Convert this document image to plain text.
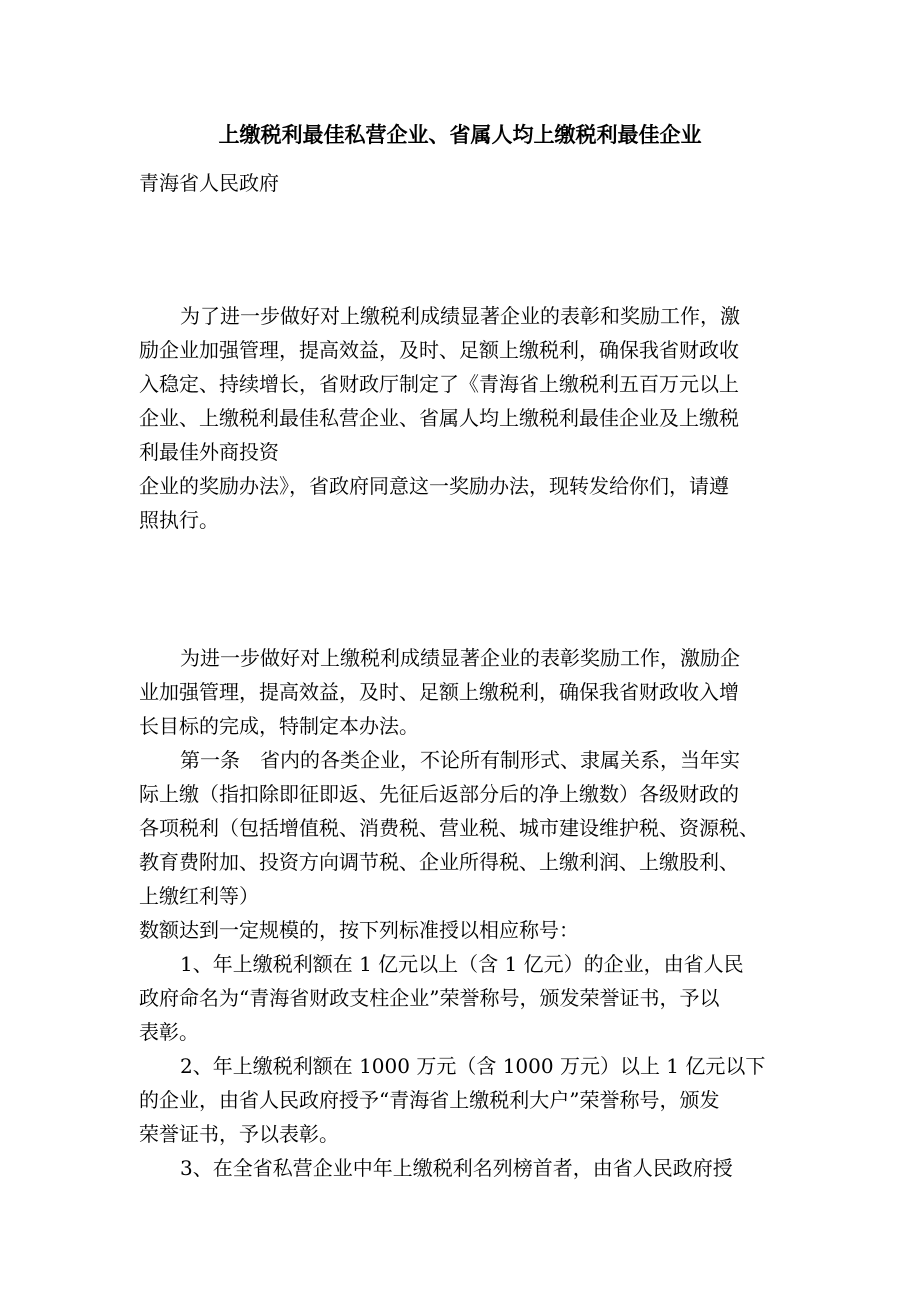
上缴税利最佳私营企业、省属人均上缴税利最佳企业
青海省人民政府
为了进一步做好对上缴税利成绩显著企业的表彰和奖励工作，激
励企业加强管理，提高效益，及时、足额上缴税利，确保我省财政收
入稳定、持续增长，省财政厅制定了《青海省上缴税利五百万元以上
企业、上缴税利最佳私营企业、省属人均上缴税利最佳企业及上缴税
利最佳外商投资
企业的奖励办法》，省政府同意这一奖励办法，现转发给你们，请遵
照执行。
为进一步做好对上缴税利成绩显著企业的表彰奖励工作，激励企
业加强管理，提高效益，及时、足额上缴税利，确保我省财政收入增
长目标的完成，特制定本办法。
第一条　省内的各类企业，不论所有制形式、隶属关系，当年实
际上缴（指扣除即征即返、先征后返部分后的净上缴数）各级财政的
各项税利（包括增值税、消费税、营业税、城市建设维护税、资源税、
教育费附加、投资方向调节税、企业所得税、上缴利润、上缴股利、
上缴红利等）
数额达到一定规模的，按下列标准授以相应称号：
1、年上缴税利额在 1 亿元以上（含 1 亿元）的企业，由省人民
政府命名为“青海省财政支柱企业”荣誉称号，颁发荣誉证书，予以
表彰。
2、年上缴税利额在 1000 万元（含 1000 万元）以上 1 亿元以下
的企业，由省人民政府授予“青海省上缴税利大户”荣誉称号，颁发
荣誉证书，予以表彰。
3、在全省私营企业中年上缴税利名列榜首者，由省人民政府授
